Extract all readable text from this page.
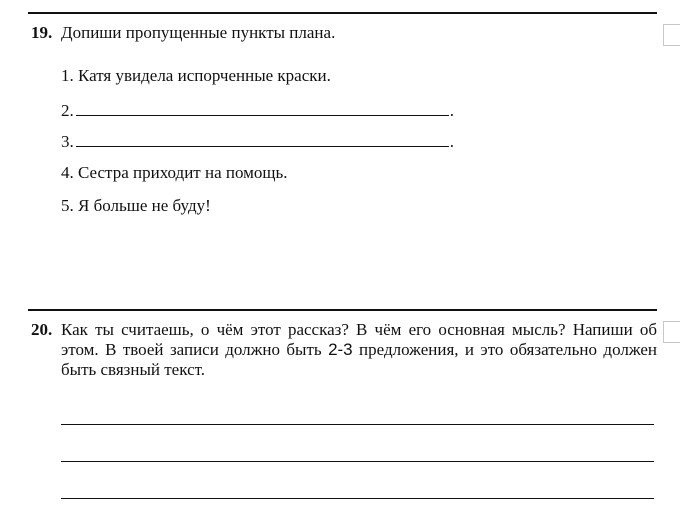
19. Допиши пропущенные пункты плана.
1. Катя увидела испорченные краски.
2.	.
3.	.
4. Сестра приходит на помощь.
5. Я больше не буду!
20. Как ты считаешь, о чём этот рассказ? В чём его основная мысль? Напиши об этом. В твоей записи должно быть 2-3 предложения, и это обязательно должен быть связный текст.
